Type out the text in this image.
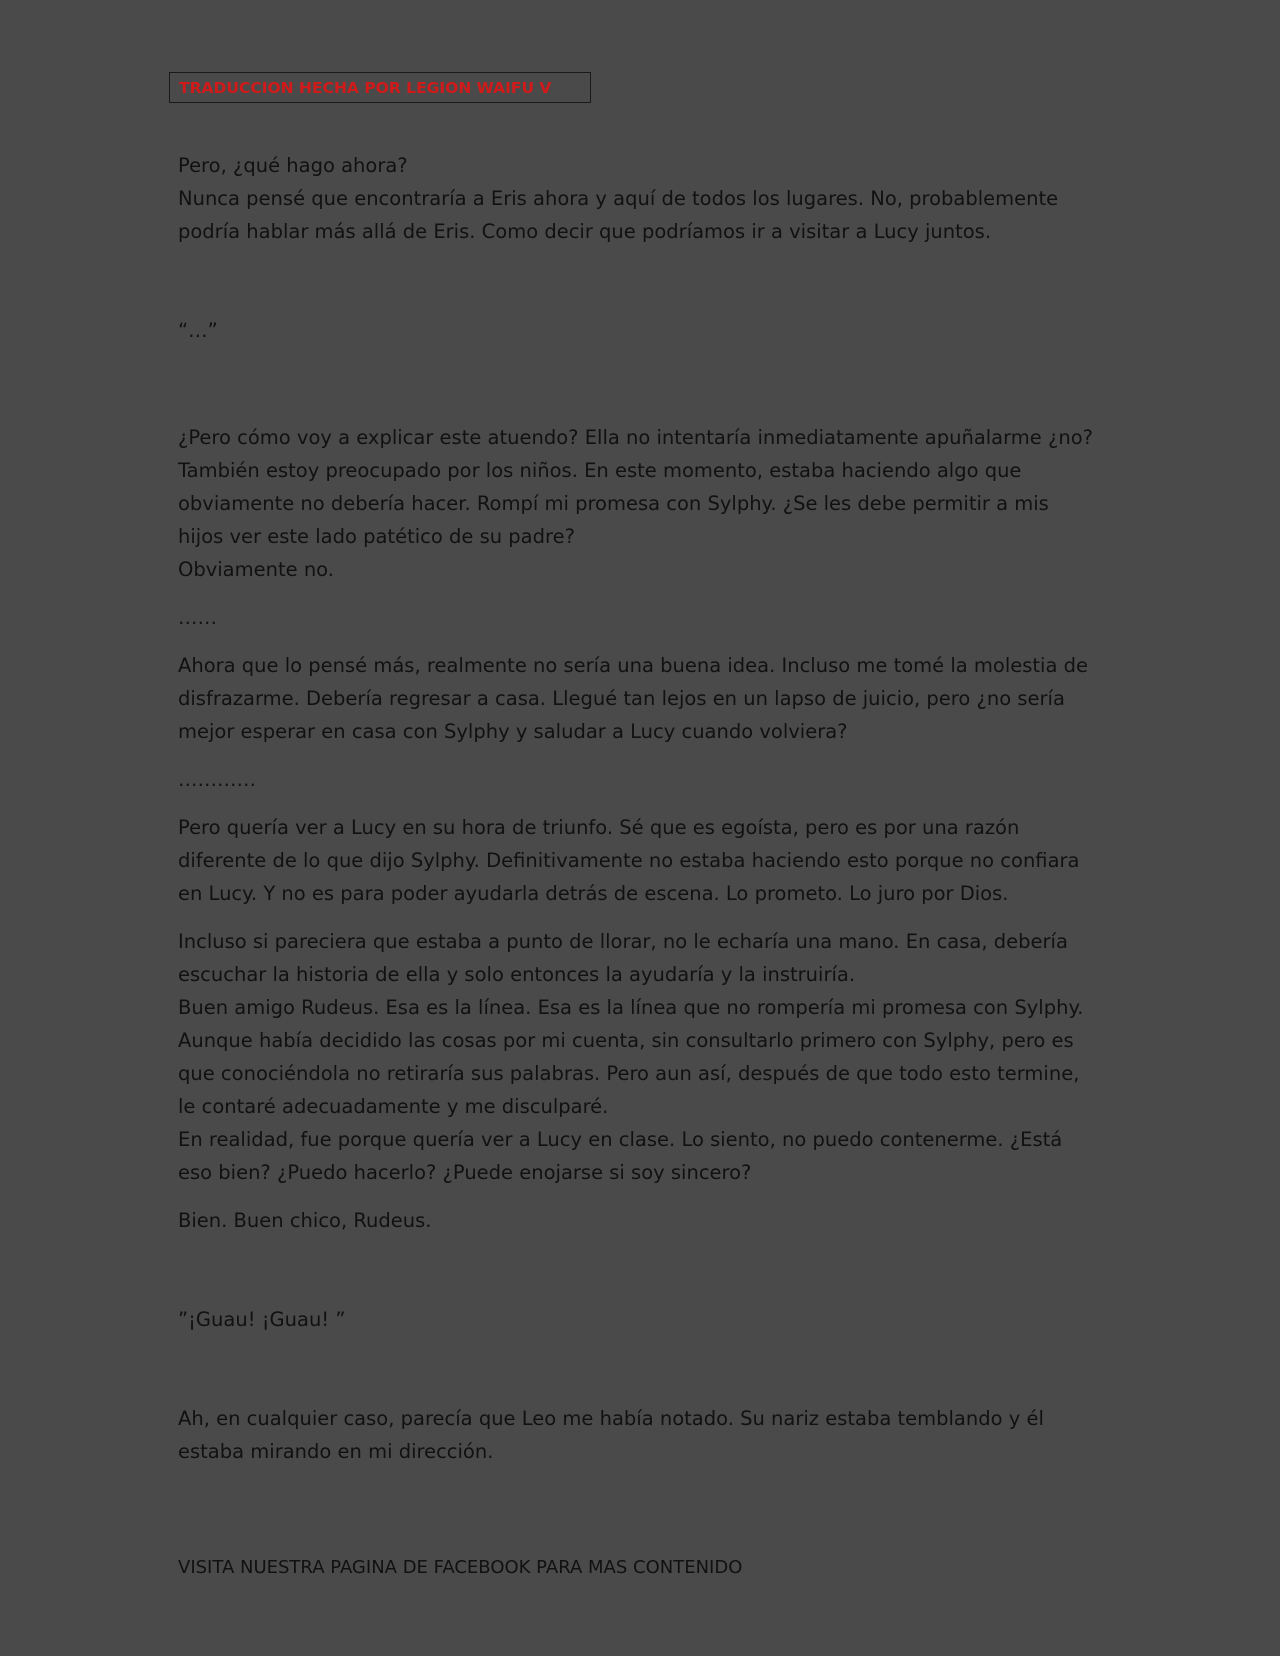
TRADUCCION HECHA POR LEGION WAIFU V

Pero, ¿qué hago ahora?

Nunca pensé que encontraría a Eris ahora y aquí de todos los lugares. No, probablemente podría hablar más allá de Eris. Como decir que podríamos ir a visitar a Lucy juntos.

“…”

¿Pero cómo voy a explicar este atuendo? Ella no intentaría inmediatamente apuñalarme ¿no? También estoy preocupado por los niños. En este momento, estaba haciendo algo que obviamente no debería hacer. Rompí mi promesa con Sylphy. ¿Se les debe permitir a mis hijos ver este lado patético de su padre?

Obviamente no.

……

Ahora que lo pensé más, realmente no sería una buena idea. Incluso me tomé la molestia de disfrazarme. Debería regresar a casa. Llegué tan lejos en un lapso de juicio, pero ¿no sería mejor esperar en casa con Sylphy y saludar a Lucy cuando volviera?

…………

Pero quería ver a Lucy en su hora de triunfo. Sé que es egoísta, pero es por una razón diferente de lo que dijo Sylphy. Definitivamente no estaba haciendo esto porque no confiara en Lucy. Y no es para poder ayudarla detrás de escena. Lo prometo. Lo juro por Dios.

Incluso si pareciera que estaba a punto de llorar, no le echaría una mano. En casa, debería escuchar la historia de ella y solo entonces la ayudaría y la instruiría.

Buen amigo Rudeus. Esa es la línea. Esa es la línea que no rompería mi promesa con Sylphy. Aunque había decidido las cosas por mi cuenta, sin consultarlo primero con Sylphy, pero es que conociéndola no retiraría sus palabras. Pero aun así, después de que todo esto termine, le contaré adecuadamente y me disculparé.

En realidad, fue porque quería ver a Lucy en clase. Lo siento, no puedo contenerme. ¿Está eso bien? ¿Puedo hacerlo? ¿Puede enojarse si soy sincero?

Bien. Buen chico, Rudeus.

”¡Guau! ¡Guau! ”

Ah, en cualquier caso, parecía que Leo me había notado. Su nariz estaba temblando y él estaba mirando en mi dirección.

VISITA NUESTRA PAGINA DE FACEBOOK PARA MAS CONTENIDO
